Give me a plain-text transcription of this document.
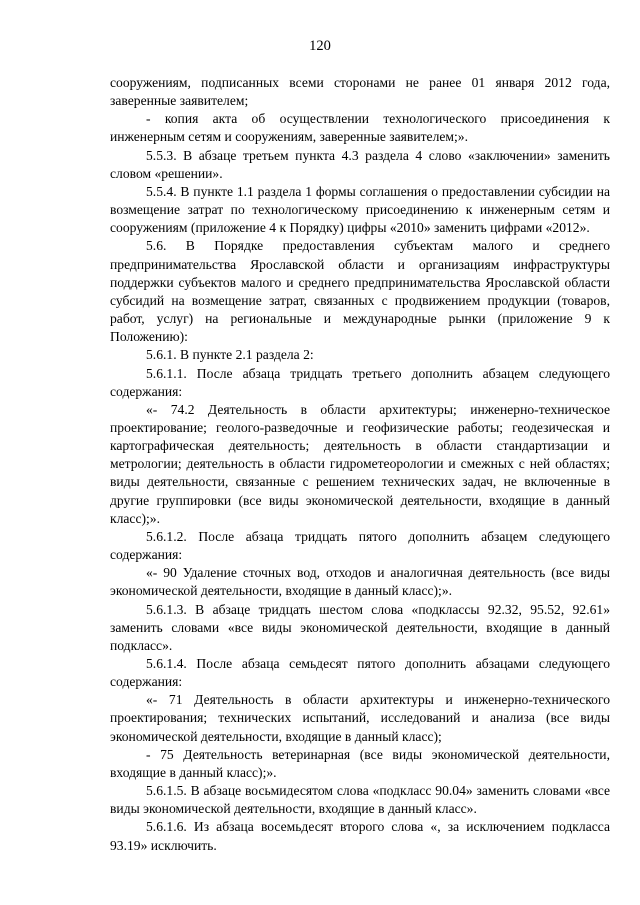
120

сооружениям, подписанных всеми сторонами не ранее 01 января 2012 года, заверенные заявителем;

- копия акта об осуществлении технологического присоединения к инженерным сетям и сооружениям, заверенные заявителем;».

5.5.3. В абзаце третьем пункта 4.3 раздела 4 слово «заключении» заменить словом «решении».

5.5.4. В пункте 1.1 раздела 1 формы соглашения о предоставлении субсидии на возмещение затрат по технологическому присоединению к инженерным сетям и сооружениям (приложение 4 к Порядку) цифры «2010» заменить цифрами «2012».

5.6. В Порядке предоставления субъектам малого и среднего предпринимательства Ярославской области и организациям инфраструктуры поддержки субъектов малого и среднего предпринимательства Ярославской области субсидий на возмещение затрат, связанных с продвижением продукции (товаров, работ, услуг) на региональные и международные рынки (приложение 9 к Положению):

5.6.1. В пункте 2.1 раздела 2:

5.6.1.1. После абзаца тридцать третьего дополнить абзацем следующего содержания:

«- 74.2 Деятельность в области архитектуры; инженерно-техническое проектирование; геолого-разведочные и геофизические работы; геодезическая и картографическая деятельность; деятельность в области стандартизации и метрологии; деятельность в области гидрометеорологии и смежных с ней областях; виды деятельности, связанные с решением технических задач, не включенные в другие группировки (все виды экономической деятельности, входящие в данный класс);».

5.6.1.2. После абзаца тридцать пятого дополнить абзацем следующего содержания:

«- 90 Удаление сточных вод, отходов и аналогичная деятельность (все виды экономической деятельности, входящие в данный класс);».

5.6.1.3. В абзаце тридцать шестом слова «подклассы 92.32, 95.52, 92.61» заменить словами «все виды экономической деятельности, входящие в данный подкласс».

5.6.1.4. После абзаца семьдесят пятого дополнить абзацами следующего содержания:

«- 71 Деятельность в области архитектуры и инженерно-технического проектирования; технических испытаний, исследований и анализа (все виды экономической деятельности, входящие в данный класс);

- 75 Деятельность ветеринарная (все виды экономической деятельности, входящие в данный класс);».

5.6.1.5. В абзаце восьмидесятом слова «подкласс 90.04» заменить словами «все виды экономической деятельности, входящие в данный класс».

5.6.1.6. Из абзаца восемьдесят второго слова «, за исключением подкласса 93.19» исключить.
